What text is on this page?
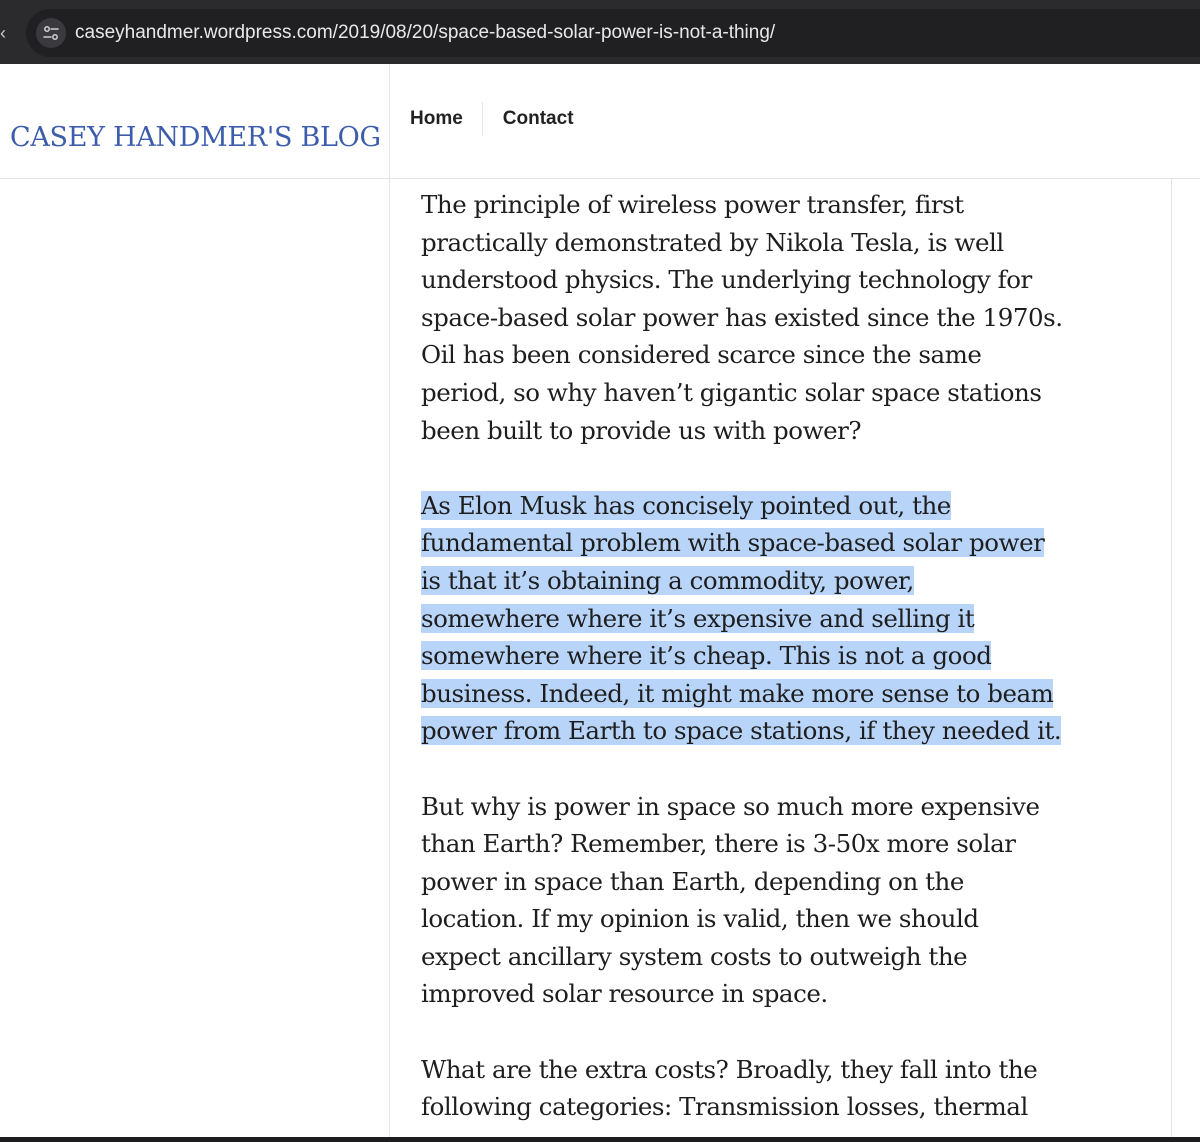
‹	caseyhandmer.wordpress.com/2019/08/20/space-based-solar-power-is-not-a-thing/
CASEY HANDMER'S BLOG
Home	Contact

The principle of wireless power transfer, first
practically demonstrated by Nikola Tesla, is well
understood physics. The underlying technology for
space-based solar power has existed since the 1970s.
Oil has been considered scarce since the same
period, so why haven’t gigantic solar space stations
been built to provide us with power?

As Elon Musk has concisely pointed out, the
fundamental problem with space-based solar power
is that it’s obtaining a commodity, power,
somewhere where it’s expensive and selling it
somewhere where it’s cheap. This is not a good
business. Indeed, it might make more sense to beam
power from Earth to space stations, if they needed it.

But why is power in space so much more expensive
than Earth? Remember, there is 3-50x more solar
power in space than Earth, depending on the
location. If my opinion is valid, then we should
expect ancillary system costs to outweigh the
improved solar resource in space.

What are the extra costs? Broadly, they fall into the
following categories: Transmission losses, thermal
